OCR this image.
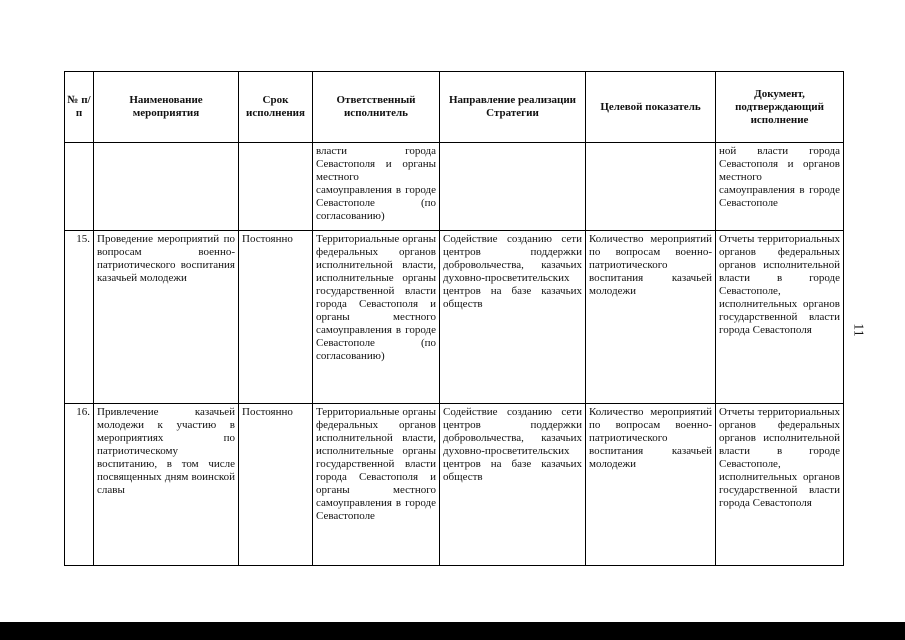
11
№ п/п	Наименование мероприятия	Срок исполнения	Ответственный исполнитель	Направление реализации Стратегии	Целевой показатель	Документ, подтверждающий исполнение
			власти города Севастополя и органы местного самоуправления в городе Севастополе (по согласованию)			ной власти города Севастополя и органов местного самоуправления в городе Севастополе
15.	Проведение мероприятий по вопросам военно-патриотического воспитания казачьей молодежи	Постоянно	Территориальные органы федеральных органов исполнительной власти, исполнительные органы государственной власти города Севастополя и органы местного самоуправления в городе Севастополе (по согласованию)	Содействие созданию сети центров поддержки добровольчества, казачьих духовно-просветительских центров на базе казачьих обществ	Количество мероприятий по вопросам военно-патриотического воспитания казачьей молодежи	Отчеты территориальных органов федеральных органов исполнительной власти в городе Севастополе, исполнительных органов государственной власти города Севастополя
16.	Привлечение казачьей молодежи к участию в мероприятиях по патриотическому воспитанию, в том числе посвященных дням воинской славы	Постоянно	Территориальные органы федеральных органов исполнительной власти, исполнительные органы государственной власти города Севастополя и органы местного самоуправления в городе Севастополе	Содействие созданию сети центров поддержки добровольчества, казачьих духовно-просветительских центров на базе казачьих обществ	Количество мероприятий по вопросам военно-патриотического воспитания казачьей молодежи	Отчеты территориальных органов федеральных органов исполнительной власти в городе Севастополе, исполнительных органов государственной власти города Севастополя
